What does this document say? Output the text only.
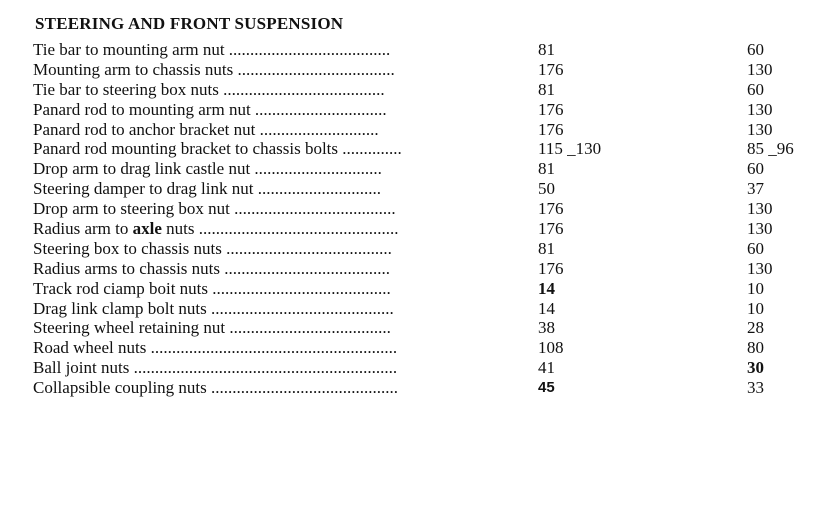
STEERING AND FRONT SUSPENSION
Tie bar to mounting arm nut ......................................	81	60
Mounting arm to chassis nuts .....................................	176	130
Tie bar to steering box nuts ......................................	81	60
Panard rod to mounting arm nut ...............................	176	130
Panard rod to anchor bracket nut ............................	176	130
Panard rod mounting bracket to chassis bolts ..............	115 _130	85 _96
Drop arm to drag link castle nut ..............................	81	60
Steering damper to drag link nut .............................	50	37
Drop arm to steering box nut ......................................	176	130
Radius arm to axle nuts ...............................................	176	130
Steering box to chassis nuts .......................................	81	60
Radius arms to chassis nuts .......................................	176	130
Track rod ciamp boit nuts ..........................................	14	10
Drag link clamp bolt nuts ...........................................	14	10
Steering wheel retaining nut ......................................	38	28
Road wheel nuts ..........................................................	108	80
Ball joint nuts ..............................................................	41	30
Collapsible coupling nuts ............................................	45	33
